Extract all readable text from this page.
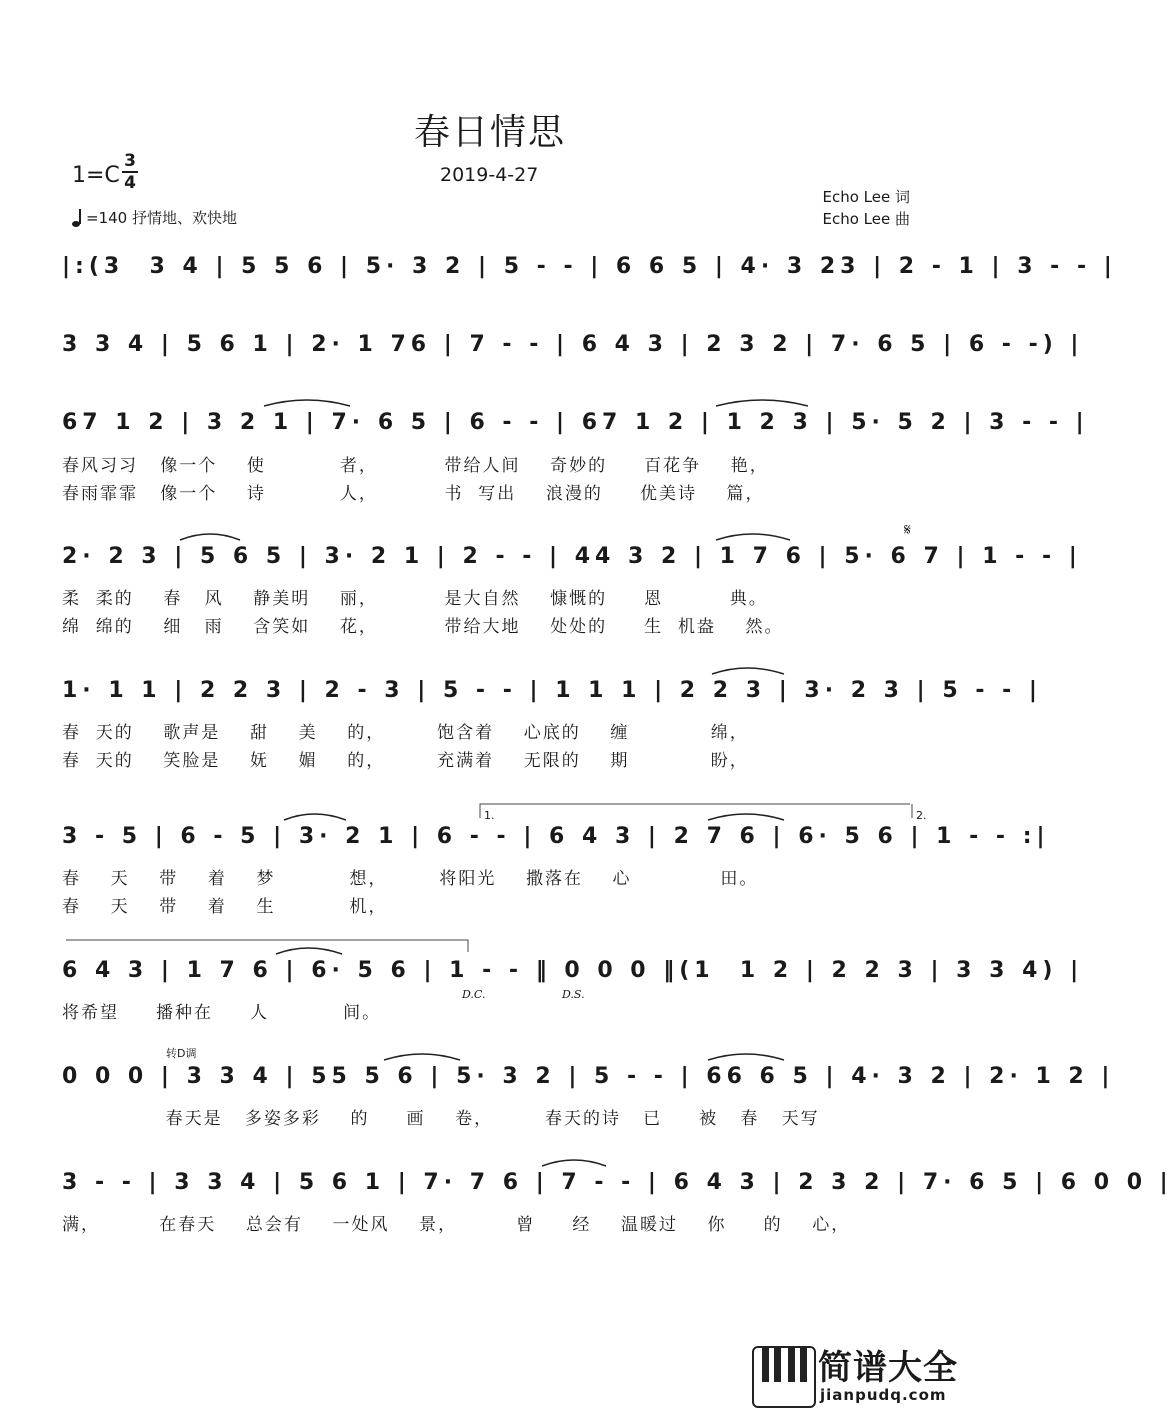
春日情思
1=C
3
4	2019-4-27
Echo Lee 词
Echo Lee 曲
=140 抒情地、欢快地
|:(3  3 4 | 5 5 6 | 5· 3 2 | 5 - - | 6 6 5 | 4· 3 23 | 2 - 1 | 3 - - |
3 3 4 | 5 6 1 | 2· 1 76 | 7 - - | 6 4 3 | 2 3 2 | 7· 6 5 | 6 - -) |
67 1 2 | 3 2 1 | 7· 6 5 | 6 - - | 67 1 2 | 1 2 3 | 5· 5 2 | 3 - - |
春风习习   像一个    使          者，         带给人间    奇妙的     百花争    艳，
春雨霏霏   像一个    诗          人，         书  写出    浪漫的     优美诗    篇，
2· 2 3 | 5 6 5 | 3· 2 1 | 2 - - | 44 3 2 | 1 7 6 | 5· 6 7 | 1 - - |
柔  柔的    春   风    静美明    丽，         是大自然    慷慨的     恩         典。
绵  绵的    细   雨    含笑如    花，         带给大地    处处的     生  机盎    然。
𝄋
1· 1 1 | 2 2 3 | 2 - 3 | 5 - - | 1 1 1 | 2 2 3 | 3· 2 3 | 5 - - |
春  天的    歌声是    甜    美    的，       饱含着    心底的    缠           绵，
春  天的    笑脸是    妩    媚    的，       充满着    无限的    期           盼，
1.	2.
3 - 5 | 6 - 5 | 3· 2 1 | 6 - - | 6 4 3 | 2 7 6 | 6· 5 6 | 1 - - :|
春    天    带    着    梦          想，       将阳光    撒落在    心            田。
春    天    带    着    生          机，
6 4 3 | 1 7 6 | 6· 5 6 | 1 - - ‖ 0 0 0 ‖(1  1 2 | 2 2 3 | 3 3 4) |
D.C.	D.S.
将希望     播种在     人          间。
转D调
0 0 0 | 3 3 4 | 55 5 6 | 5· 3 2 | 5 - - | 66 6 5 | 4· 3 2 | 2· 1 2 |
春天是   多姿多彩    的     画    卷，       春天的诗   已     被   春   天写
3 - - | 3 3 4 | 5 6 1 | 7· 7 6 | 7 - - | 6 4 3 | 2 3 2 | 7· 6 5 | 6 0 0 |
满，        在春天    总会有    一处风    景，        曾     经    温暖过    你     的    心，
简谱大全
jianpudq.com
